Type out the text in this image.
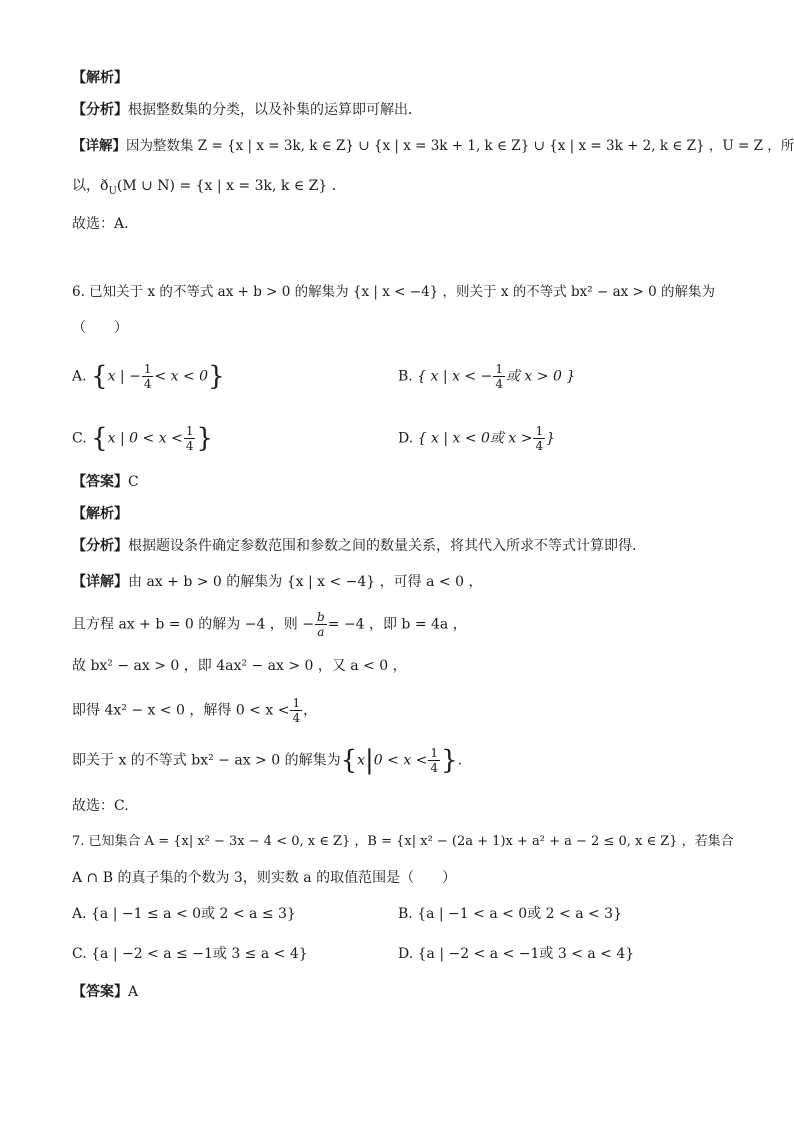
【解析】
【分析】根据整数集的分类，以及补集的运算即可解出．
【详解】因为整数集 Z = {x | x = 3k, k ∈ Z} ∪ {x | x = 3k + 1, k ∈ Z} ∪ {x | x = 3k + 2, k ∈ Z} ，U = Z ，所
以，$ð_U(M$ ∪ N) = {x | x = 3k, k ∈ Z} ．
故选：A．
6. 已知关于 x 的不等式 ax + b > 0 的解集为 {x | x < −4} ，则关于 x 的不等式 bx² − ax > 0 的解集为
（　　）
A. {x | − $\frac{1}{4} < x < 0$}	B. { x | x < − $\frac{1}{4}$ 或 x > 0 }
C. {x | $0 < x < \frac{1}{4}$ }	D. { x | x < 0或 $x > \frac{1}{4}$ }
【答案】C
【解析】
【分析】根据题设条件确定参数范围和参数之间的数量关系，将其代入所求不等式计算即得.
【详解】由 ax + b > 0 的解集为 {x | x < −4} ，可得 a < 0 ，
且方程 ax + b = 0 的解为 −4 ，则 − $\frac{b}{a} = -4$ ，即 b = 4a ，
故 bx² − ax > 0 ，即 4ax² − ax > 0 ，又 a < 0 ，
即得 4x² − x < 0 ，解得 $0 < x < \frac{1}{4}$ ，
即关于 x 的不等式 bx² − ax > 0 的解集为{$x|0 < x < \frac{1}{4}$ }.
故选：C.
7. 已知集合 A = {x| x² − 3x − 4 < 0, x ∈ Z} ，B = {x| x² − (2a + 1)x + a² + a − 2 ≤ 0, x ∈ Z} ，若集合
A ∩ B 的真子集的个数为 3，则实数 a 的取值范围是（　　）
A. {a | −1 ≤ a < 0或 2 < a ≤ 3}	B. {a | −1 < a < 0或 2 < a < 3}
C. {a | −2 < a ≤ −1或 3 ≤ a < 4}	D. {a | −2 < a < −1或 3 < a < 4}
【答案】A
